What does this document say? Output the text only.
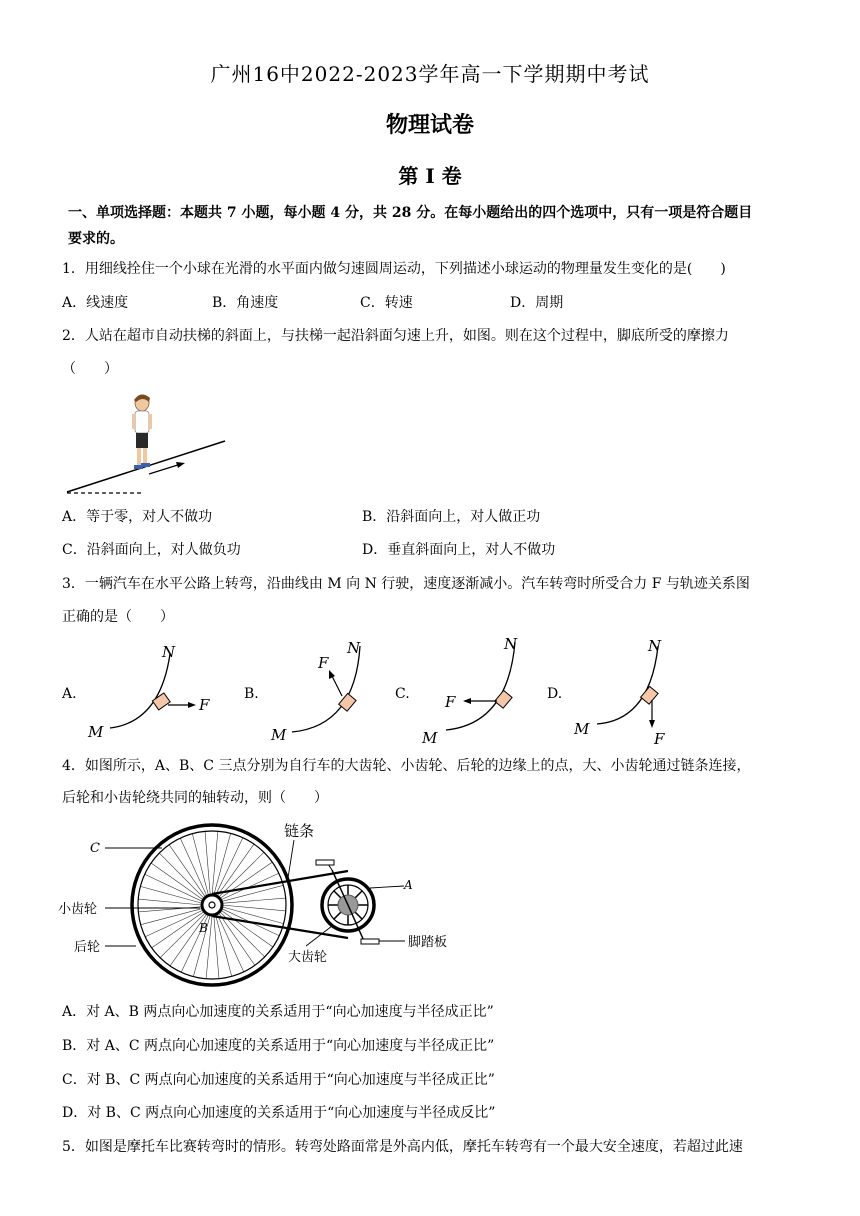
广州16中2022-2023学年高一下学期期中考试
物理试卷
第 I 卷
一、单项选择题：本题共 7 小题，每小题 4 分，共 28 分。在每小题给出的四个选项中，只有一项是符合题目
要求的。
1．用细线拴住一个小球在光滑的水平面内做匀速圆周运动，下列描述小球运动的物理量发生变化的是(　　)
A．线速度	B．角速度	C．转速	D．周期
2．人站在超市自动扶梯的斜面上，与扶梯一起沿斜面匀速上升，如图。则在这个过程中，脚底所受的摩擦力
（　　）
A．等于零，对人不做功	B．沿斜面向上，对人做正功
C．沿斜面向上，对人做负功	D．垂直斜面向上，对人不做功
3．一辆汽车在水平公路上转弯，沿曲线由 M 向 N 行驶，速度逐渐减小。汽车转弯时所受合力 F 与轨迹关系图
正确的是（　　）
A.	B.	C.	D.
N
M
F
N
M
F
N
M
F
N
M
F
4．如图所示，A、B、C 三点分别为自行车的大齿轮、小齿轮、后轮的边缘上的点，大、小齿轮通过链条连接，
后轮和小齿轮绕共同的轴转动，则（　　）
C
A
B
链条
小齿轮
后轮
大齿轮
脚踏板
A．对 A、B 两点向心加速度的关系适用于“向心加速度与半径成正比”
B．对 A、C 两点向心加速度的关系适用于“向心加速度与半径成正比”
C．对 B、C 两点向心加速度的关系适用于“向心加速度与半径成正比”
D．对 B、C 两点向心加速度的关系适用于“向心加速度与半径成反比”
5．如图是摩托车比赛转弯时的情形。转弯处路面常是外高内低，摩托车转弯有一个最大安全速度，若超过此速
